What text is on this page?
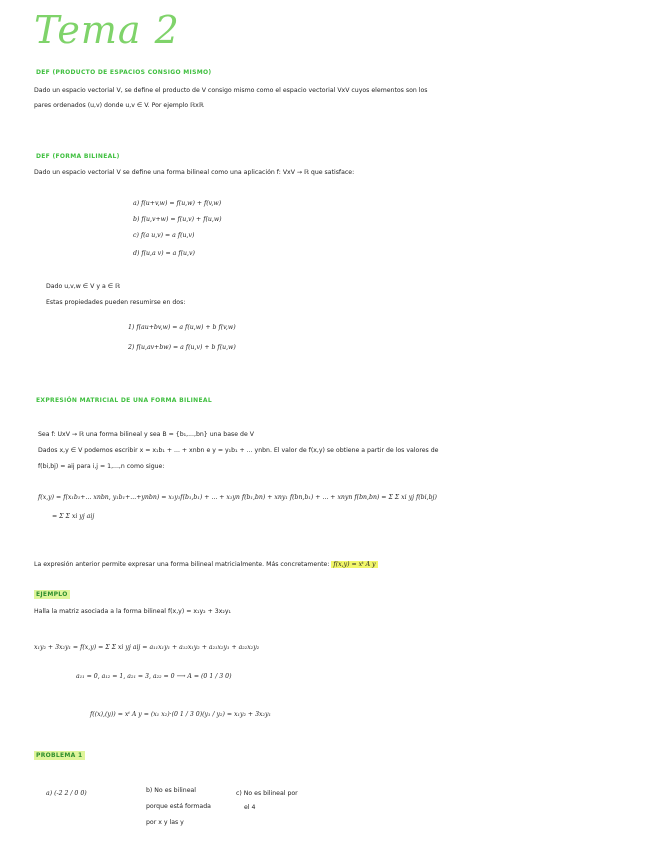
Tema 2
DEF (PRODUCTO DE ESPACIOS CONSIGO MISMO)
Dado un espacio vectorial V, se define el producto de V consigo mismo como el espacio vectorial VxV cuyos elementos son los
pares ordenados (u,v) donde u,v ∈ V. Por ejemplo ℝxℝ
DEF (FORMA BILINEAL)
Dado un espacio vectorial V se define una forma bilineal como una aplicación f: VxV → ℝ que satisface:
a) f(u+v,w) = f(u,w) + f(v,w)
b) f(u,v+w) = f(u,v) + f(u,w)
c) f(a u,v) = a f(u,v)
d) f(u,a v) = a f(u,v)
Dado u,v,w ∈ V y a ∈ ℝ
Estas propiedades pueden resumirse en dos:
1) f(au+bv,w) = a f(u,w) + b f(v,w)
2) f(u,av+bw) = a f(u,v) + b f(u,w)
EXPRESIÓN MATRICIAL DE UNA FORMA BILINEAL
Sea f: UxV → ℝ una forma bilineal y sea B = {b₁,...,bn} una base de V
Dados x,y ∈ V podemos escribir x = x₁b₁ + ... + xnbn e y = y₁b₁ + ... ynbn. El valor de f(x,y) se obtiene a partir de los valores de
f(bi,bj) = aij para i,j = 1,...,n como sigue:
f(x,y) = f(x₁b₁+... xnbn, y₁b₁+...+ynbn) = x₁y₁f(b₁,b₁) + ... + x₁yn f(b₁,bn) + xny₁ f(bn,b₁) + ... + xnyn f(bn,bn) = Σ Σ xi yj f(bi,bj)
= Σ Σ xi yj aij
La expresión anterior permite expresar una forma bilineal matricialmente. Más concretamente: f(x,y) = xᵗ A y
EJEMPLO
Halla la matriz asociada a la forma bilineal f(x,y) = x₁y₂ + 3x₂y₁
x₁y₂ + 3x₂y₁ = f(x,y) = Σ Σ xi yj aij = a₁₁x₁y₁ + a₁₂x₁y₂ + a₂₁x₂y₁ + a₂₂x₂y₂
a₁₁ = 0, a₁₂ = 1, a₂₁ = 3, a₂₂ = 0 ⟶ A = (0 1 / 3 0)
f((x),(y)) = xᵗ A y = (x₁ x₂)·(0 1 / 3 0)(y₁ / y₂) = x₁y₂ + 3x₂y₁
PROBLEMA 1
a) (-2 2 / 0 0)	b) No es bilineal
porque está formada
por x y las y
c) No es bilineal por
el 4
